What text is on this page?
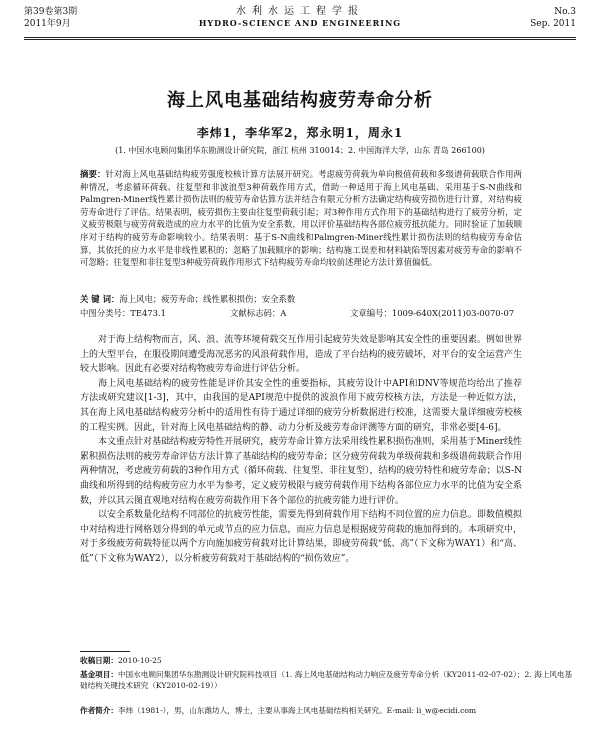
第39卷第3期
2011年9月
水利水运工程学报
HYDRO-SCIENCE AND ENGINEERING
No.3
Sep. 2011
海上风电基础结构疲劳寿命分析
李炜1，李华军2，郑永明1，周永1
(1. 中国水电顾问集团华东勘测设计研究院，浙江 杭州 310014；2. 中国海洋大学，山东 青岛 266100)
摘要：针对海上风电基础结构疲劳强度校核计算方法展开研究。考虑疲劳荷载为单向极值荷载和多级谱荷载联合作用两种情况，考虑循环荷载、往复型和非波浪型3种荷载作用方式，借助一种适用于海上风电基础、采用基于S-N曲线和Palmgren-Miner线性累计损伤法则的疲劳寿命估算方法并结合有限元分析方法确定结构疲劳损伤进行计算，对结构疲劳寿命进行了评估。结果表明，疲劳损伤主要由往复型荷载引起；对3种作用方式作用下的基础结构进行了疲劳分析，定义疲劳极限与疲劳荷载造成的应力水平的比值为安全系数，用以评价基础结构各部位疲劳抵抗能力。同时验证了加载顺序对于结构的疲劳寿命影响较小。结果表明：基于S-N曲线和Palmgren-Miner线性累计损伤法则的结构疲劳寿命估算，其依托的应力水平是非线性累积的；忽略了加载顺序的影响；结构施工误差和材料缺陷等因素对疲劳寿命的影响不可忽略；往复型和非往复型3种疲劳荷载作用形式下结构疲劳寿命均较前述理论方法计算值偏低。
关 键 词：海上风电；疲劳寿命；线性累积损伤；安全系数
中图分类号：TE473.1	文献标志码：A	文章编号：1009-640X(2011)03-0070-07

对于海上结构物而言，风、浪、流等环境荷载交互作用引起疲劳失效是影响其安全性的重要因素。例如世界上的大型平台，在服役期间遭受海况恶劣的风浪荷载作用，造成了平台结构的疲劳破坏，对平台的安全运营产生较大影响。因此有必要对结构物疲劳寿命进行评估分析。

海上风电基础结构的疲劳性能是评价其安全性的重要指标，其疲劳设计中API和DNV等规范均给出了推荐方法或研究建议[1-3]，其中，由我国的是API规范中提供的波浪作用下疲劳校核方法，方法是一种近似方法，其在海上风电基础结构疲劳分析中的适用性有待于通过详细的疲劳分析数据进行校准，这需要大量详细疲劳校核的工程实例。因此，针对海上风电基础结构的静、动力分析及疲劳寿命评测等方面的研究，非常必要[4-6]。

本文重点针对基础结构疲劳特性开展研究，疲劳寿命计算方法采用线性累积损伤准则，采用基于Miner线性累积损伤法则的疲劳寿命评估方法计算了基础结构的疲劳寿命；区分疲劳荷载为单级荷载和多级谱荷载联合作用两种情况，考虑疲劳荷载的3种作用方式（循环荷载、往复型、非往复型），结构的疲劳特性和疲劳寿命；以S-N曲线和所得到的结构疲劳应力水平为参考，定义疲劳极限与疲劳荷载作用下结构各部位应力水平的比值为安全系数，并以其云图直观地对结构在疲劳荷载作用下各个部位的抗疲劳能力进行评价。

以安全系数量化结构不同部位的抗疲劳性能，需要先得到荷载作用下结构不同位置的应力信息。即数值模拟中对结构进行网格划分得到的单元或节点的应力信息，而应力信息是根据疲劳荷载的施加得到的。本项研究中，对于多级疲劳荷载特征以两个方向施加疲劳荷载对比计算结果，即疲劳荷载“低、高”（下文称为WAY1）和“高、低”（下文称为WAY2），以分析疲劳荷载对于基础结构的“损伤效应”。

收稿日期：2010-10-25
基金项目：中国水电顾问集团华东勘测设计研究院科技项目（1. 海上风电基础结构动力响应及疲劳寿命分析（KY2011-02-07-02）；2. 海上风电基础结构关键技术研究（KY2010-02-19））
作者简介：李炜（1981-），男，山东潍坊人，博士，主要从事海上风电基础结构相关研究。E-mail: li_w@ecidi.com
